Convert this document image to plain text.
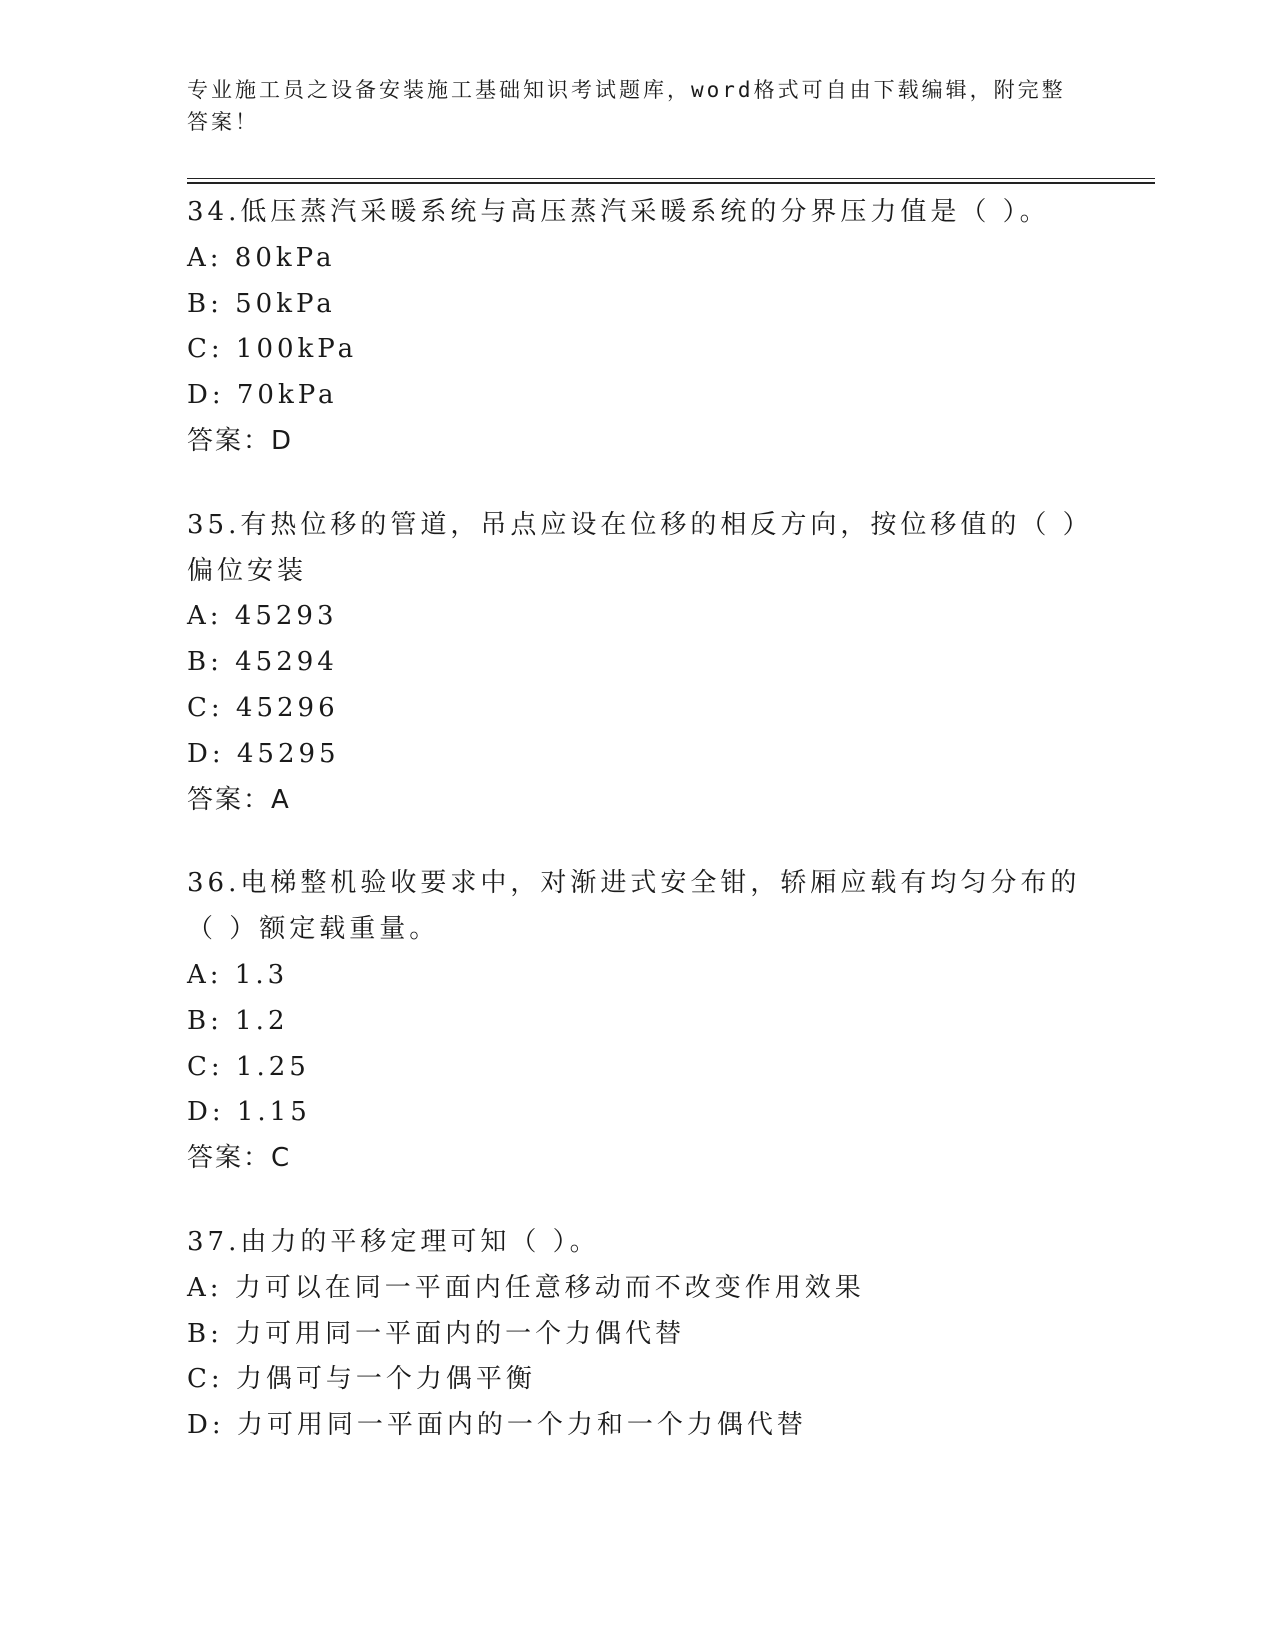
专业施工员之设备安装施工基础知识考试题库，word格式可自由下载编辑，附完整答案！
34.低压蒸汽采暖系统与高压蒸汽采暖系统的分界压力值是（ ）。
A: 80kPa
B: 50kPa
C: 100kPa
D: 70kPa
答案：D
35.有热位移的管道，吊点应设在位移的相反方向，按位移值的（ ）偏位安装
A: 45293
B: 45294
C: 45296
D: 45295
答案：A
36.电梯整机验收要求中，对渐进式安全钳，轿厢应载有均匀分布的（ ）额定载重量。
A: 1.3
B: 1.2
C: 1.25
D: 1.15
答案：C
37.由力的平移定理可知（ ）。
A: 力可以在同一平面内任意移动而不改变作用效果
B: 力可用同一平面内的一个力偶代替
C: 力偶可与一个力偶平衡
D: 力可用同一平面内的一个力和一个力偶代替
